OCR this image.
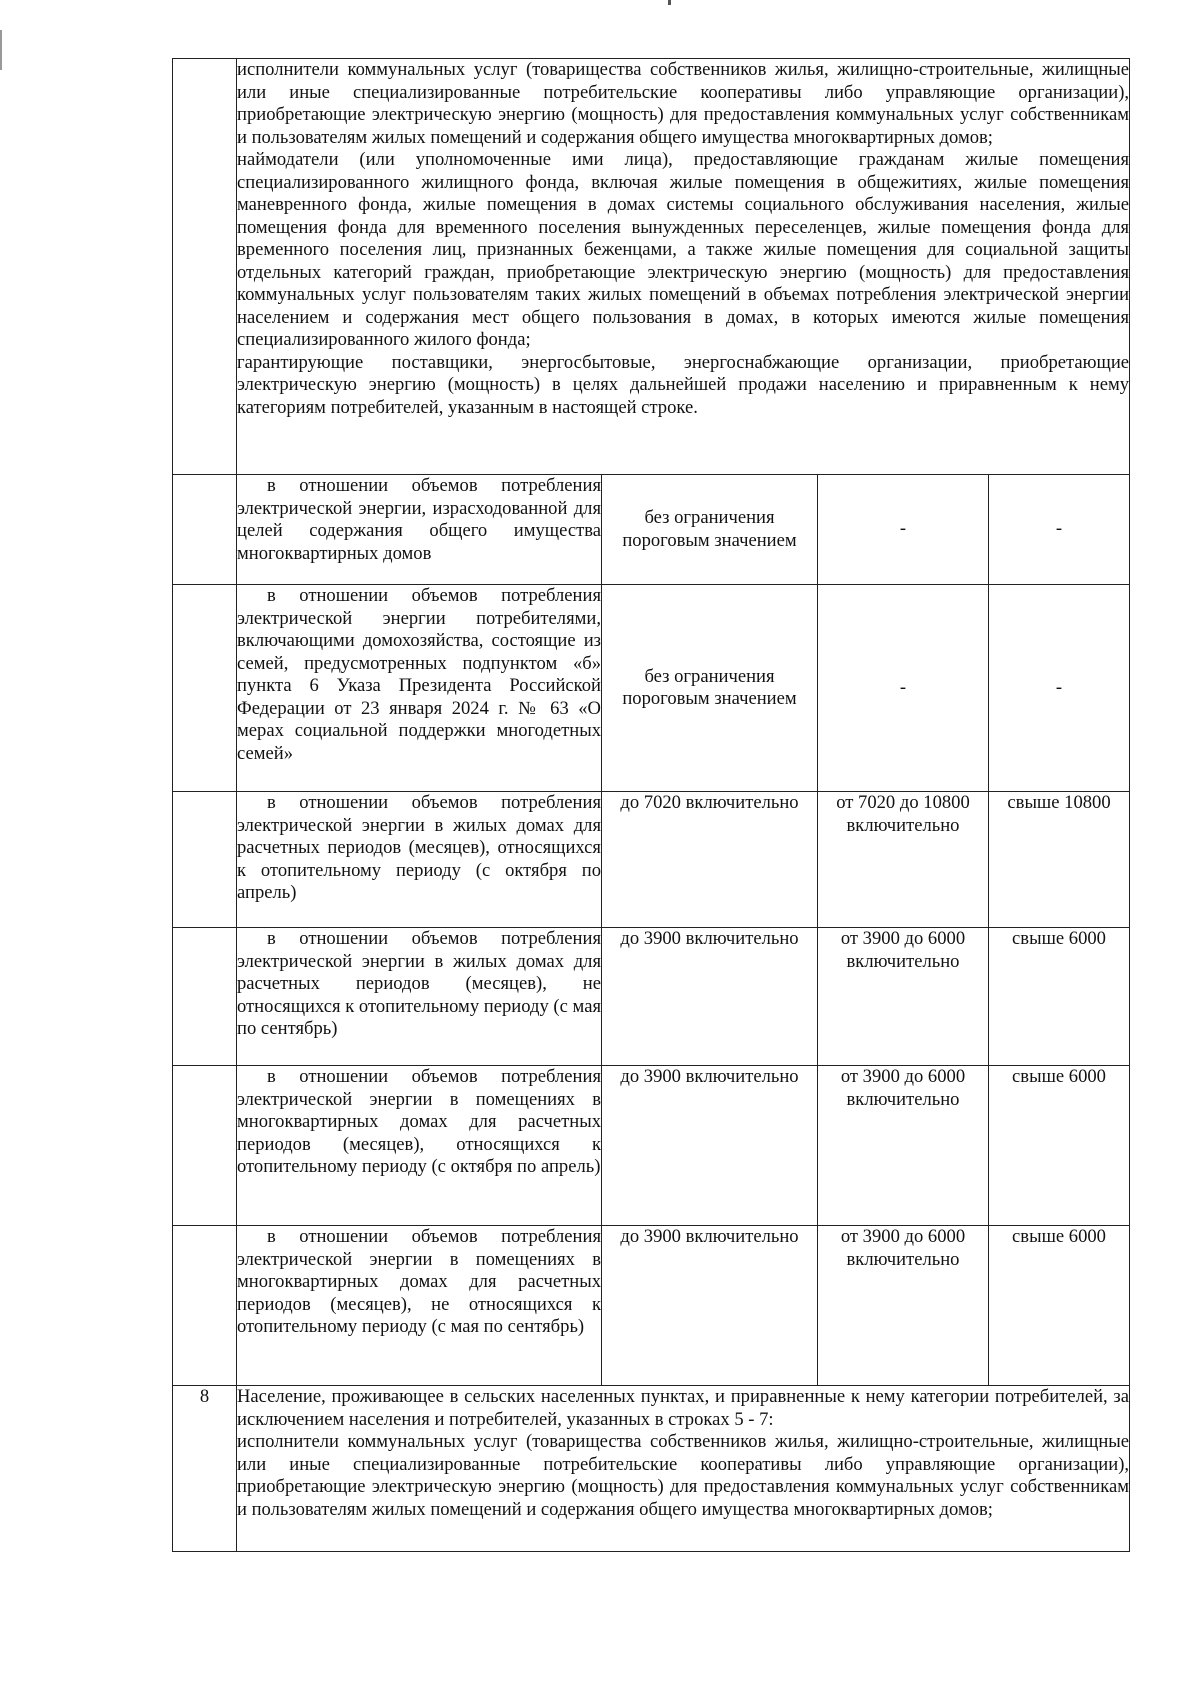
	исполнители коммунальных услуг (товарищества собственников жилья, жилищно-строительные, жилищные или иные специализированные потребительские кооперативы либо управляющие организации), приобретающие электрическую энергию (мощность) для предоставления коммунальных услуг собственникам и пользователям жилых помещений и содержания общего имущества многоквартирных домов;

наймодатели (или уполномоченные ими лица), предоставляющие гражданам жилые помещения специализированного жилищного фонда, включая жилые помещения в общежитиях, жилые помещения маневренного фонда, жилые помещения в домах системы социального обслуживания населения, жилые помещения фонда для временного поселения вынужденных переселенцев, жилые помещения фонда для временного поселения лиц, признанных беженцами, а также жилые помещения для социальной защиты отдельных категорий граждан, приобретающие электрическую энергию (мощность) для предоставления коммунальных услуг пользователям таких жилых помещений в объемах потребления электрической энергии населением и содержания мест общего пользования в домах, в которых имеются жилые помещения специализированного жилого фонда;

гарантирующие поставщики, энергосбытовые, энергоснабжающие организации, приобретающие электрическую энергию (мощность) в целях дальнейшей продажи населению и приравненным к нему категориям потребителей, указанным в настоящей строке.			

	в отношении объемов потребления электрической энергии, израсходованной для целей содержания общего имущества многоквартирных домов	без ограничения пороговым значением	-	-
	в отношении объемов потребления электрической энергии потребителями, включающими домохозяйства, состоящие из семей, предусмотренных подпунктом «б» пункта 6 Указа Президента Российской Федерации от 23 января 2024 г. № 63 «О мерах социальной поддержки многодетных семей»	без ограничения пороговым значением	-	-
	в отношении объемов потребления электрической энергии в жилых домах для расчетных периодов (месяцев), относящихся к отопительному периоду (с октября по апрель)	до 7020 включительно	от 7020 до 10800 включительно	свыше 10800
	в отношении объемов потребления электрической энергии в жилых домах для расчетных периодов (месяцев), не относящихся к отопительному периоду (с мая по сентябрь)	до 3900 включительно	от 3900 до 6000 включительно	свыше 6000
	в отношении объемов потребления электрической энергии в помещениях в многоквартирных домах для расчетных периодов (месяцев), относящихся к отопительному периоду (с октября по апрель)	до 3900 включительно	от 3900 до 6000 включительно	свыше 6000
	в отношении объемов потребления электрической энергии в помещениях в многоквартирных домах для расчетных периодов (месяцев), не относящихся к отопительному периоду (с мая по сентябрь)	до 3900 включительно	от 3900 до 6000 включительно	свыше 6000
8	Население, проживающее в сельских населенных пунктах, и приравненные к нему категории потребителей, за исключением населения и потребителей, указанных в строках 5 - 7:

исполнители коммунальных услуг (товарищества собственников жилья, жилищно-строительные, жилищные или иные специализированные потребительские кооперативы либо управляющие организации), приобретающие электрическую энергию (мощность) для предоставления коммунальных услуг собственникам и пользователям жилых помещений и содержания общего имущества многоквартирных домов;			
